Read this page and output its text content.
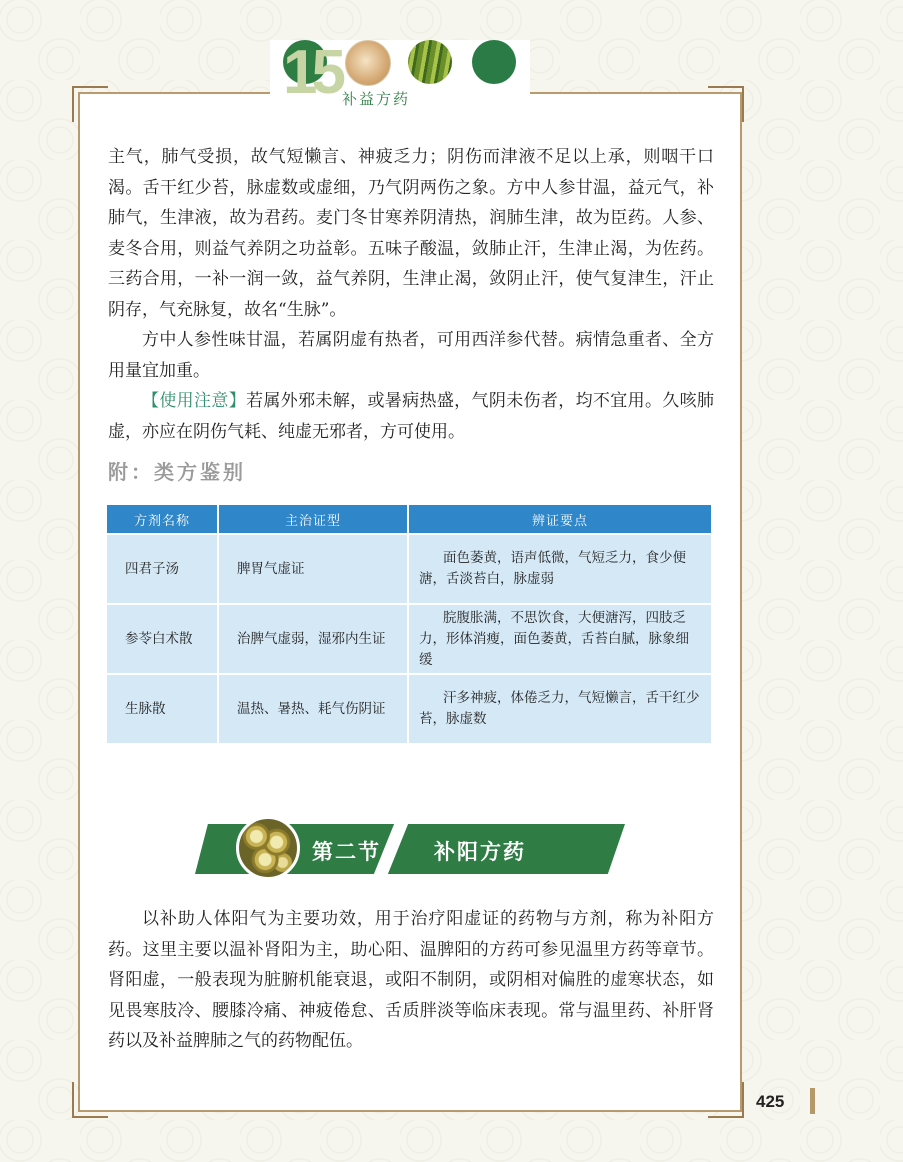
15 补益方药

主气，肺气受损，故气短懒言、神疲乏力；阴伤而津液不足以上承，则咽干口渴。舌干红少苔，脉虚数或虚细，乃气阴两伤之象。方中人参甘温，益元气，补肺气，生津液，故为君药。麦门冬甘寒养阴清热，润肺生津，故为臣药。人参、麦冬合用，则益气养阴之功益彰。五味子酸温，敛肺止汗，生津止渴，为佐药。三药合用，一补一润一敛，益气养阴，生津止渴，敛阴止汗，使气复津生，汗止阴存，气充脉复，故名“生脉”。

方中人参性味甘温，若属阴虚有热者，可用西洋参代替。病情急重者、全方用量宜加重。

【使用注意】若属外邪未解，或暑病热盛，气阴未伤者，均不宜用。久咳肺虚，亦应在阴伤气耗、纯虚无邪者，方可使用。

附：类方鉴别
方剂名称	主治证型	辨证要点
四君子汤	脾胃气虚证	面色萎黄，语声低微，气短乏力，食少便溏，舌淡苔白，脉虚弱
参苓白术散	治脾气虚弱，湿邪内生证	脘腹胀满，不思饮食，大便溏泻，四肢乏力，形体消瘦，面色萎黄，舌苔白腻，脉象细缓
生脉散	温热、暑热、耗气伤阴证	汗多神疲，体倦乏力，气短懒言，舌干红少苔，脉虚数
第二节	补阳方药

以补助人体阳气为主要功效，用于治疗阳虚证的药物与方剂，称为补阳方药。这里主要以温补肾阳为主，助心阳、温脾阳的方药可参见温里方药等章节。肾阳虚，一般表现为脏腑机能衰退，或阳不制阴，或阴相对偏胜的虚寒状态，如见畏寒肢冷、腰膝冷痛、神疲倦怠、舌质胖淡等临床表现。常与温里药、补肝肾药以及补益脾肺之气的药物配伍。

425
